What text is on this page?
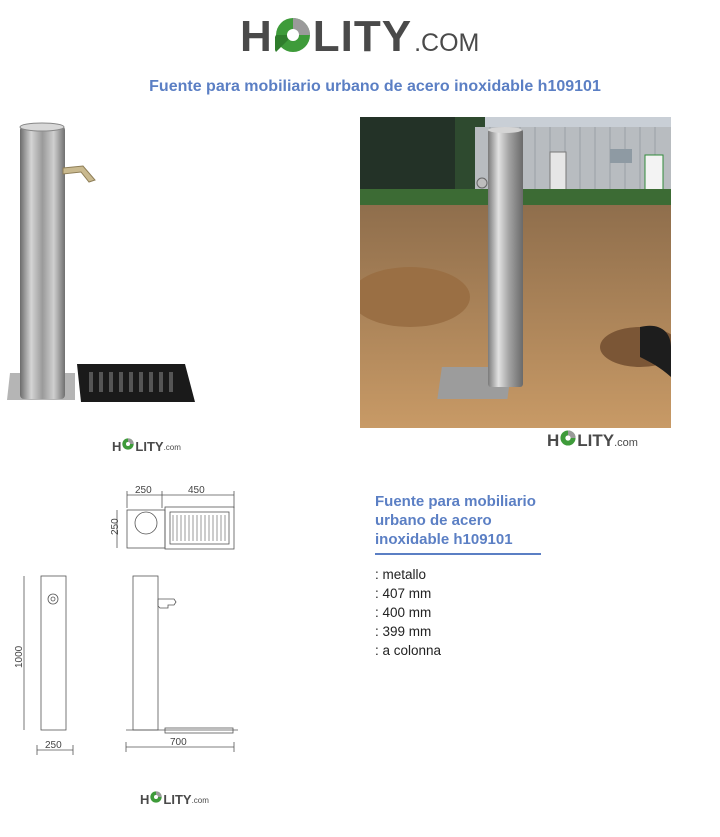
H LITY .COM
Fuente para mobiliario urbano de acero inoxidable h109101
H LITY .com	H LITY .com
250	450
250
1000
250	700
H LITY .com
Fuente para mobiliario urbano de acero inoxidable h109101
: metallo
: 407 mm
: 400 mm
: 399 mm
: a colonna
